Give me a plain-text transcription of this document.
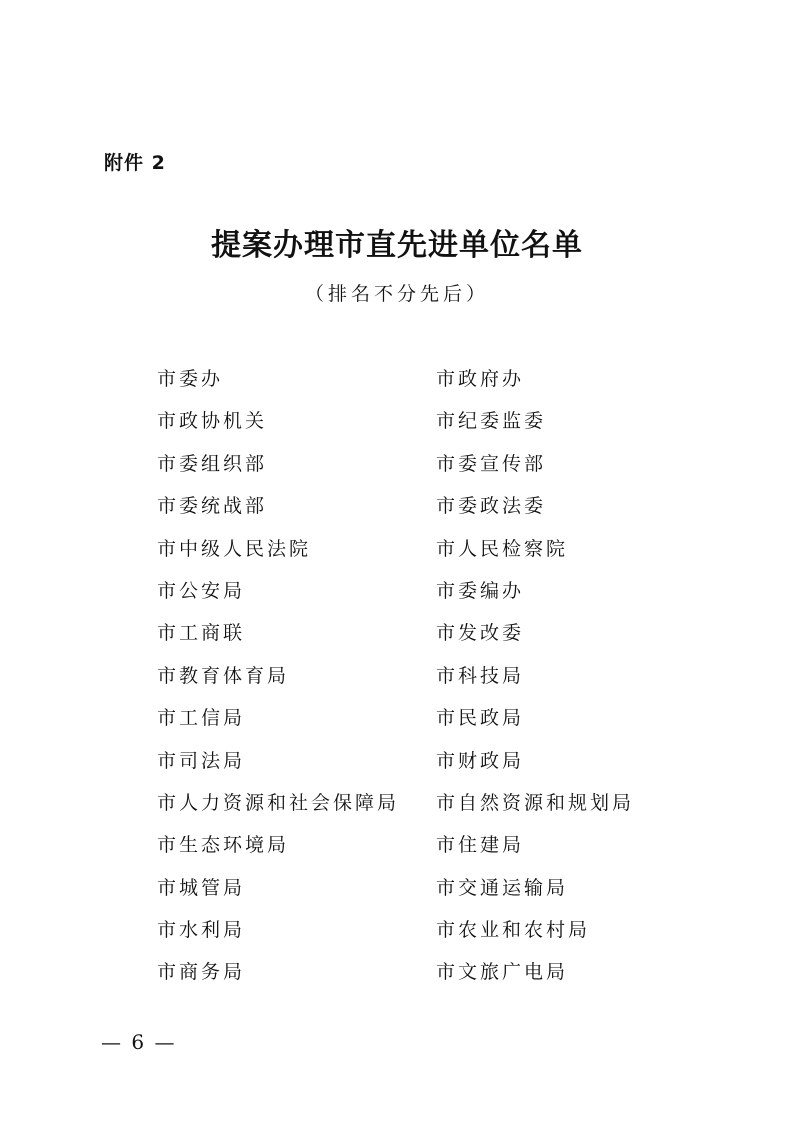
附件 2
提案办理市直先进单位名单
（排名不分先后）
市委办
市政协机关
市委组织部
市委统战部
市中级人民法院
市公安局
市工商联
市教育体育局
市工信局
市司法局
市人力资源和社会保障局
市生态环境局
市城管局
市水利局
市商务局
市政府办
市纪委监委
市委宣传部
市委政法委
市人民检察院
市委编办
市发改委
市科技局
市民政局
市财政局
市自然资源和规划局
市住建局
市交通运输局
市农业和农村局
市文旅广电局
— 6 —
